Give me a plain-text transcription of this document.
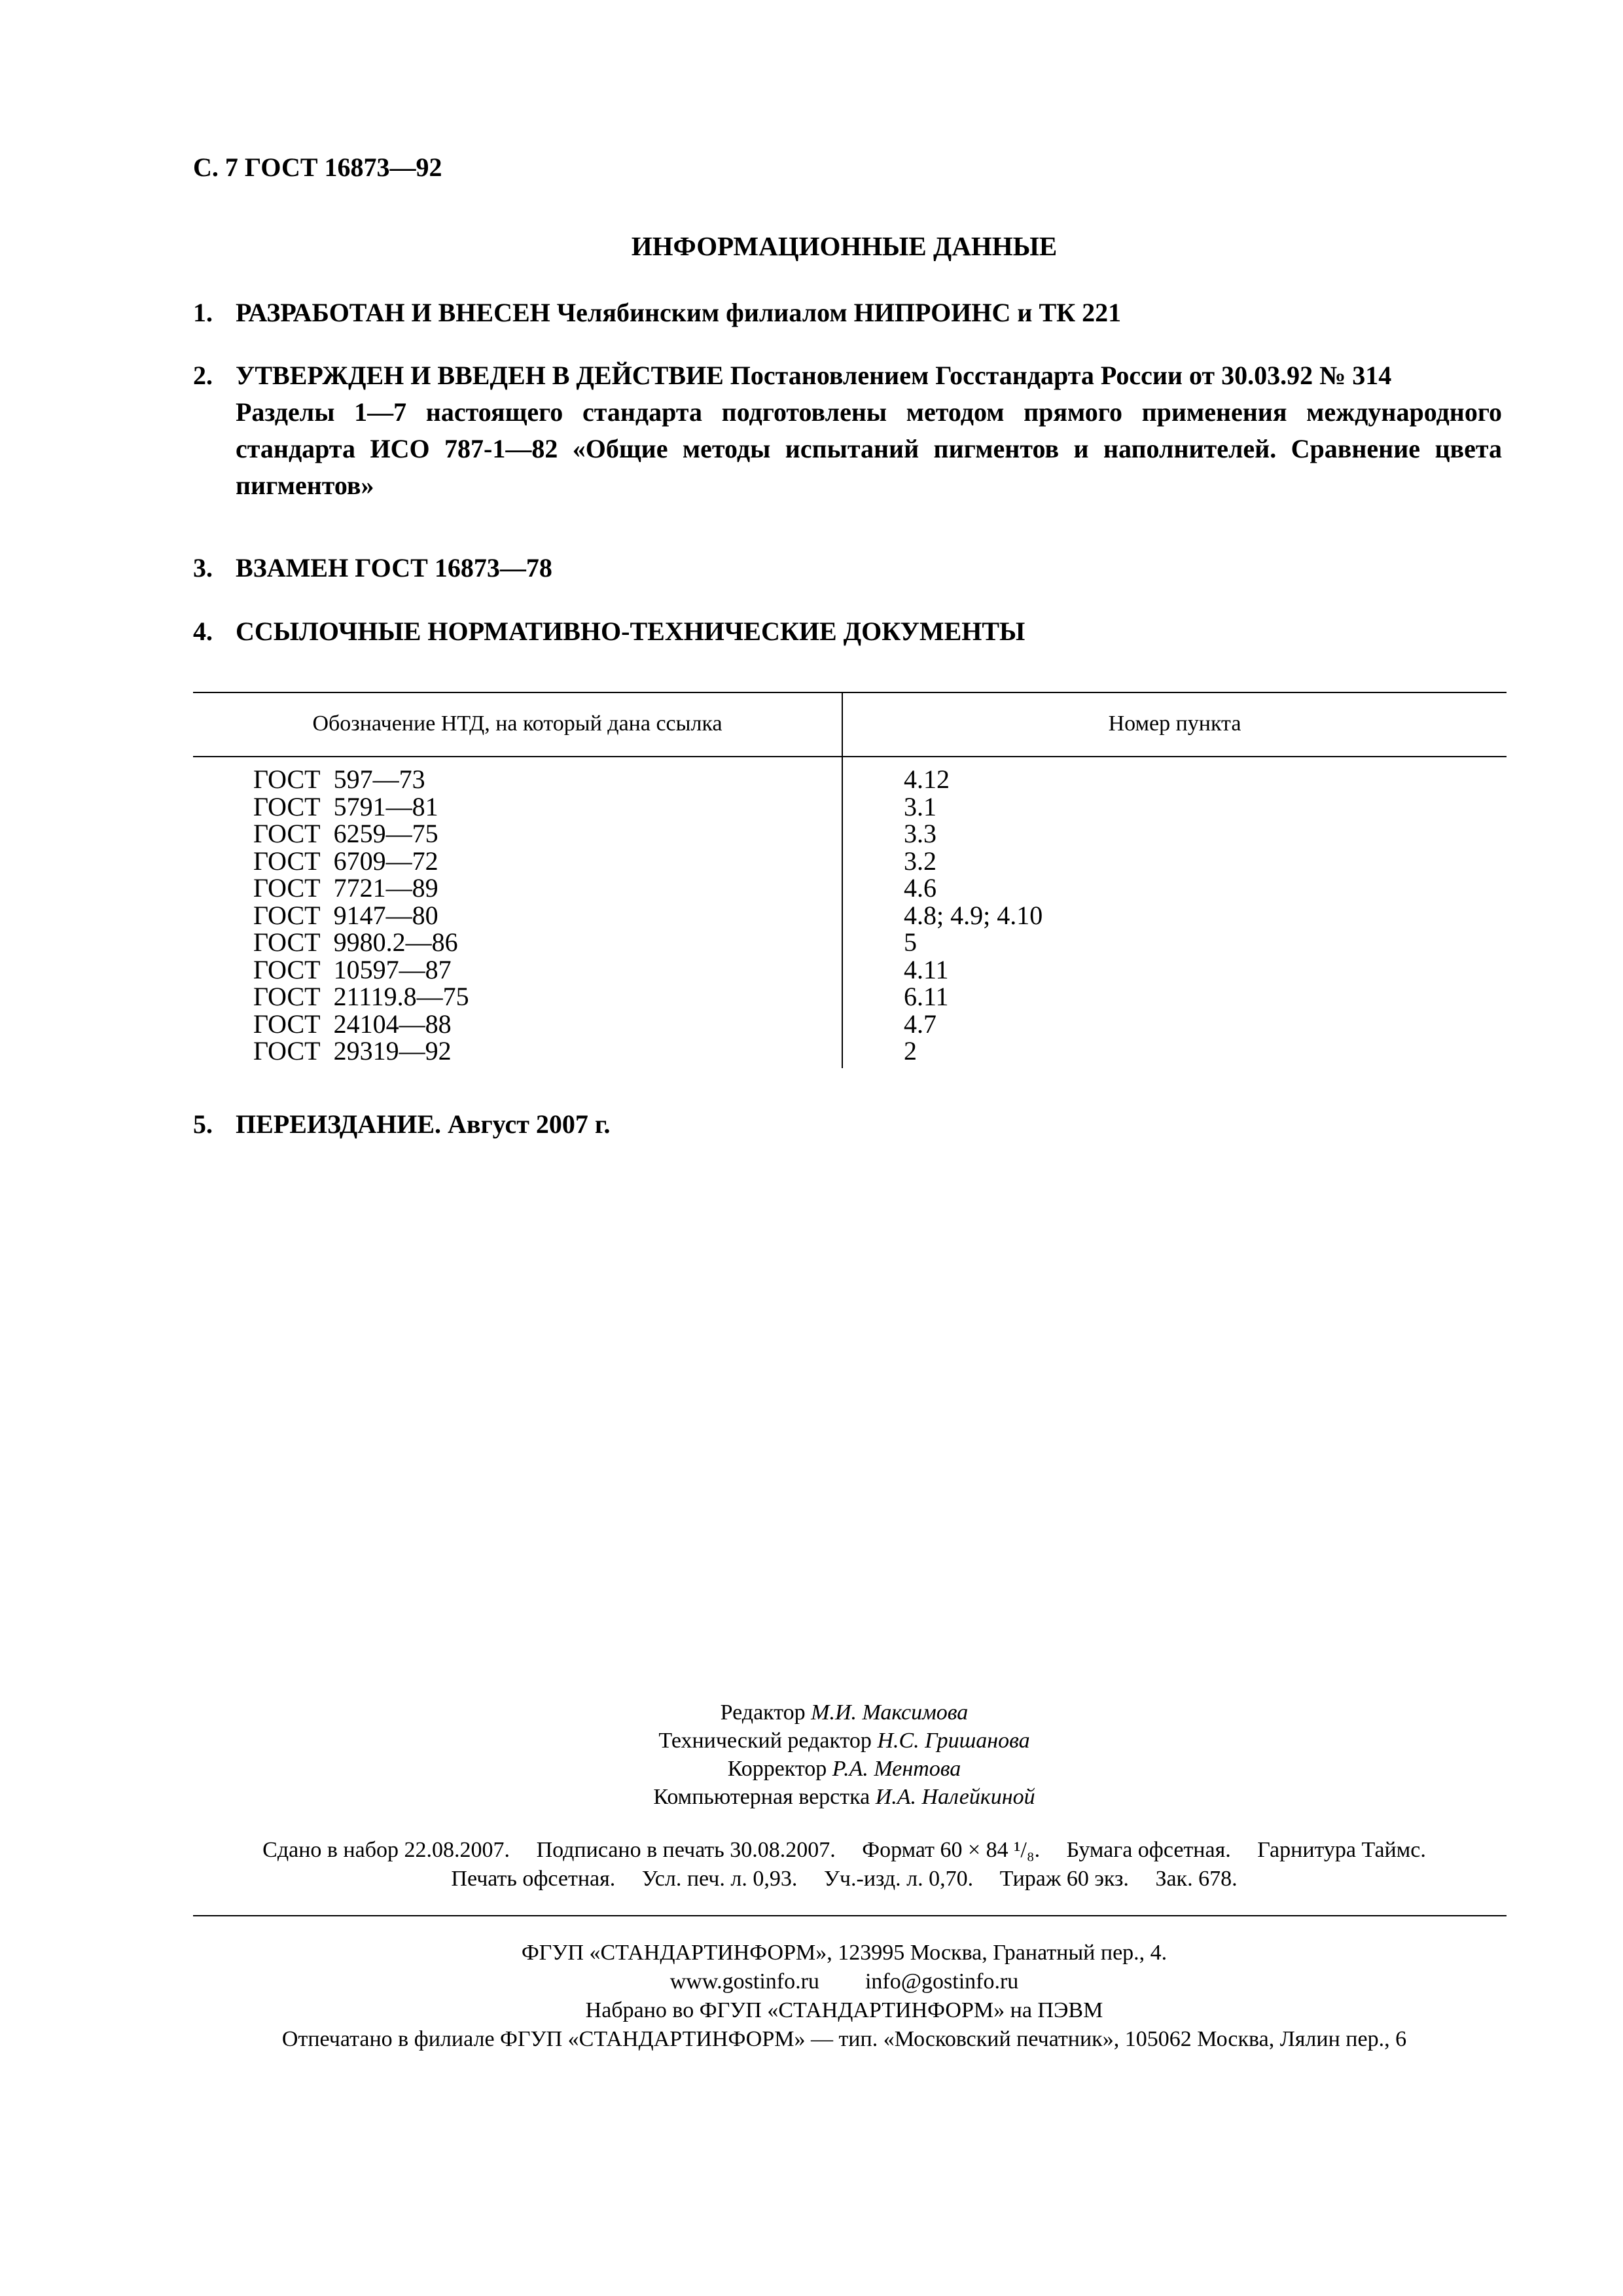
С. 7 ГОСТ 16873—92
ИНФОРМАЦИОННЫЕ ДАННЫЕ
1. РАЗРАБОТАН И ВНЕСЕН Челябинским филиалом НИПРОИНС и ТК 221
2. УТВЕРЖДЕН И ВВЕДЕН В ДЕЙСТВИЕ Постановлением Госстандарта России от 30.03.92 № 314
Разделы 1—7 настоящего стандарта подготовлены методом прямого применения международного стандарта ИСО 787-1—82 «Общие методы испытаний пигментов и наполнителей. Сравнение цвета пигментов»
3. ВЗАМЕН ГОСТ 16873—78
4. ССЫЛОЧНЫЕ НОРМАТИВНО-ТЕХНИЧЕСКИЕ ДОКУМЕНТЫ
Обозначение НТД, на который дана ссылка	Номер пункта
ГОСТ  597—73
ГОСТ  5791—81
ГОСТ  6259—75
ГОСТ  6709—72
ГОСТ  7721—89
ГОСТ  9147—80
ГОСТ  9980.2—86
ГОСТ  10597—87
ГОСТ  21119.8—75
ГОСТ  24104—88
ГОСТ  29319—92
4.12
3.1
3.3
3.2
4.6
4.8; 4.9; 4.10
5
4.11
6.11
4.7
2
5. ПЕРЕИЗДАНИЕ. Август 2007 г.
Редактор М.И. Максимова
Технический редактор Н.С. Гришанова
Корректор Р.А. Ментова
Компьютерная верстка И.А. Налейкиной
Сдано в набор 22.08.2007. Подписано в печать 30.08.2007. Формат 60 × 84 ¹/₈. Бумага офсетная. Гарнитура Таймс.
Печать офсетная. Усл. печ. л. 0,93. Уч.-изд. л. 0,70. Тираж 60 экз. Зак. 678.
ФГУП «СТАНДАРТИНФОРМ», 123995 Москва, Гранатный пер., 4.
www.gostinfo.ru info@gostinfo.ru
Набрано во ФГУП «СТАНДАРТИНФОРМ» на ПЭВМ
Отпечатано в филиале ФГУП «СТАНДАРТИНФОРМ» — тип. «Московский печатник», 105062 Москва, Лялин пер., 6
